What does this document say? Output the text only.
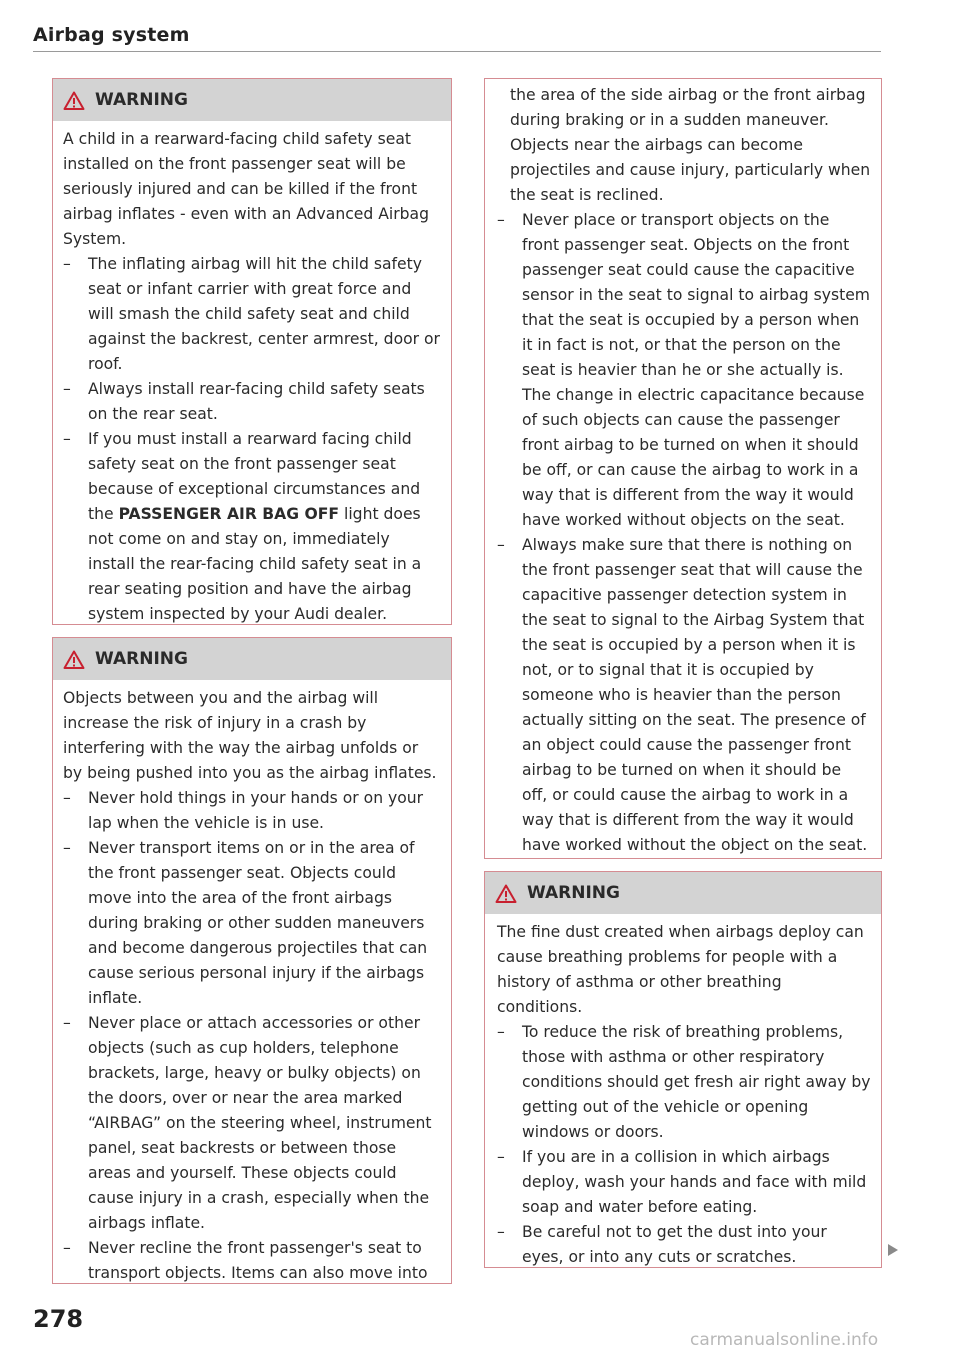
Airbag system
WARNING

A child in a rearward-facing child safety seat installed on the front passenger seat will be seriously injured and can be killed if the front airbag inflates - even with an Advanced Airbag System.

– The inflating airbag will hit the child safety seat or infant carrier with great force and will smash the child safety seat and child against the backrest, center armrest, door or roof.
– Always install rear-facing child safety seats on the rear seat.
– If you must install a rearward facing child safety seat on the front passenger seat because of exceptional circumstances and the PASSENGER AIR BAG OFF light does not come on and stay on, immediately install the rear-facing child safety seat in a rear seating position and have the airbag system inspected by your Audi dealer.
WARNING

Objects between you and the airbag will increase the risk of injury in a crash by interfering with the way the airbag unfolds or by being pushed into you as the airbag inflates.

– Never hold things in your hands or on your lap when the vehicle is in use.
– Never transport items on or in the area of the front passenger seat. Objects could move into the area of the front airbags during braking or other sudden maneuvers and become dangerous projectiles that can cause serious personal injury if the airbags inflate.
– Never place or attach accessories or other objects (such as cup holders, telephone brackets, large, heavy or bulky objects) on the doors, over or near the area marked “AIRBAG” on the steering wheel, instrument panel, seat backrests or between those areas and yourself. These objects could cause injury in a crash, especially when the airbags inflate.
– Never recline the front passenger's seat to transport objects. Items can also move into

the area of the side airbag or the front airbag during braking or in a sudden maneuver. Objects near the airbags can become projectiles and cause injury, particularly when the seat is reclined.

– Never place or transport objects on the front passenger seat. Objects on the front passenger seat could cause the capacitive sensor in the seat to signal to airbag system that the seat is occupied by a person when it in fact is not, or that the person on the seat is heavier than he or she actually is. The change in electric capacitance because of such objects can cause the passenger front airbag to be turned on when it should be off, or can cause the airbag to work in a way that is different from the way it would have worked without objects on the seat.
– Always make sure that there is nothing on the front passenger seat that will cause the capacitive passenger detection system in the seat to signal to the Airbag System that the seat is occupied by a person when it is not, or to signal that it is occupied by someone who is heavier than the person actually sitting on the seat. The presence of an object could cause the passenger front airbag to be turned on when it should be off, or could cause the airbag to work in a way that is different from the way it would have worked without the object on the seat.
WARNING

The fine dust created when airbags deploy can cause breathing problems for people with a history of asthma or other breathing conditions.

– To reduce the risk of breathing problems, those with asthma or other respiratory conditions should get fresh air right away by getting out of the vehicle or opening windows or doors.
– If you are in a collision in which airbags deploy, wash your hands and face with mild soap and water before eating.
– Be careful not to get the dust into your eyes, or into any cuts or scratches.
278
carmanualsonline.info
